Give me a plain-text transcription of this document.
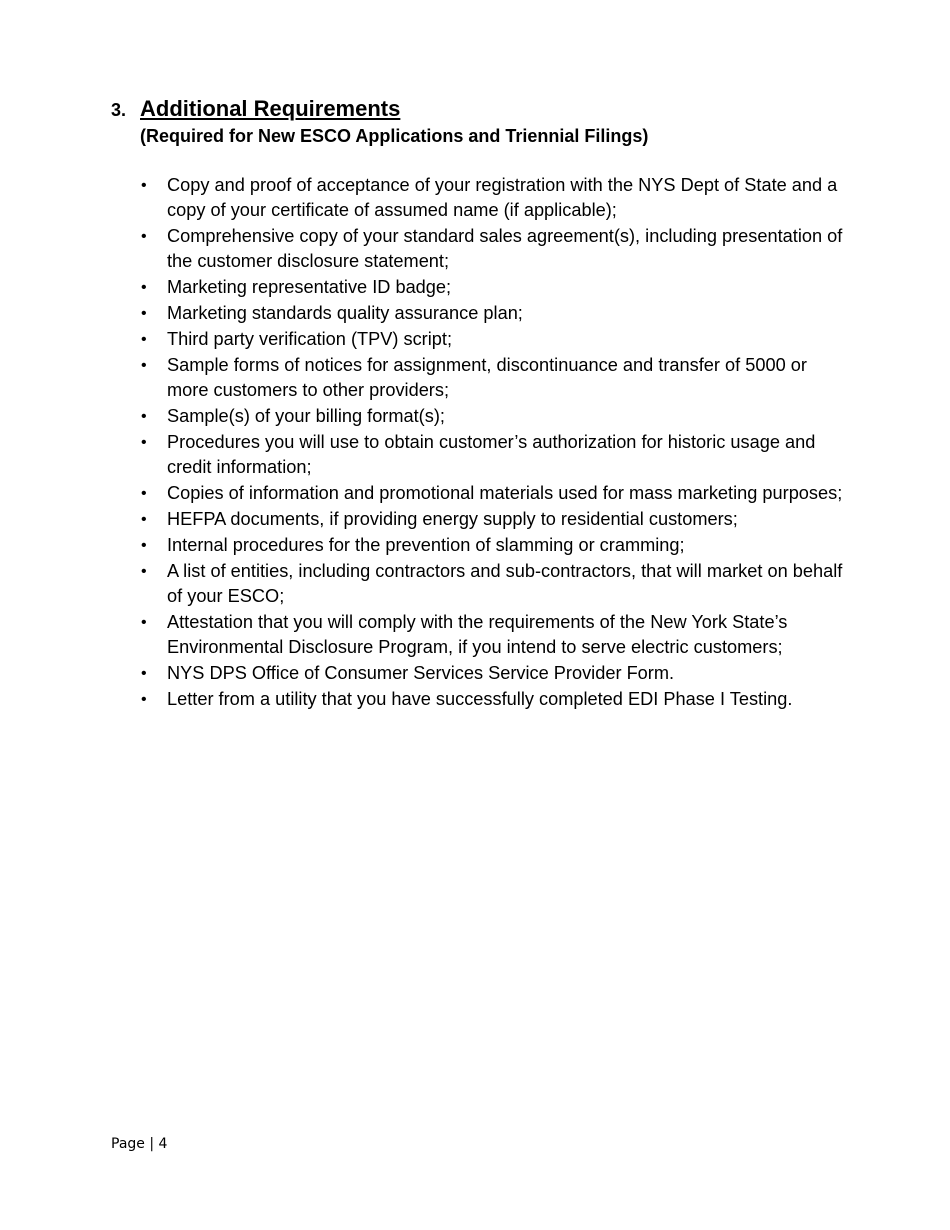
3. Additional Requirements
(Required for New ESCO Applications and Triennial Filings)
• Copy and proof of acceptance of your registration with the NYS Dept of State and a copy of your certificate of assumed name (if applicable);
• Comprehensive copy of your standard sales agreement(s), including presentation of the customer disclosure statement;
• Marketing representative ID badge;
• Marketing standards quality assurance plan;
• Third party verification (TPV) script;
• Sample forms of notices for assignment, discontinuance and transfer of 5000 or more customers to other providers;
• Sample(s) of your billing format(s);
• Procedures you will use to obtain customer’s authorization for historic usage and credit information;
• Copies of information and promotional materials used for mass marketing purposes;
• HEFPA documents, if providing energy supply to residential customers;
• Internal procedures for the prevention of slamming or cramming;
• A list of entities, including contractors and sub-contractors, that will market on behalf of your ESCO;
• Attestation that you will comply with the requirements of the New York State’s Environmental Disclosure Program, if you intend to serve electric customers;
• NYS DPS Office of Consumer Services Service Provider Form.
• Letter from a utility that you have successfully completed EDI Phase I Testing.
Page | 4
